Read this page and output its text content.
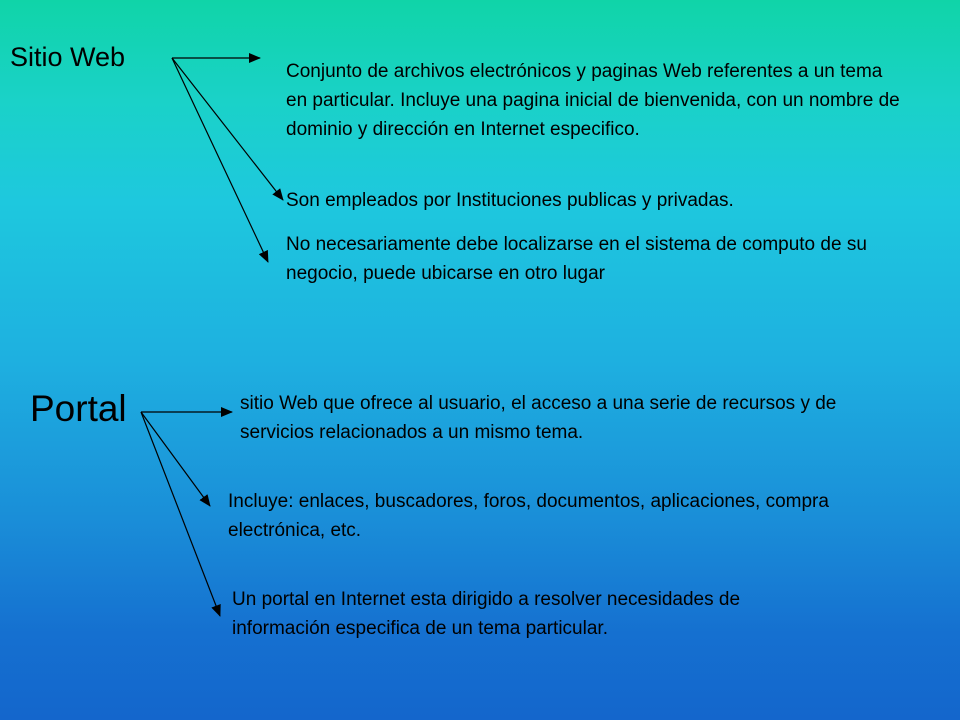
Sitio Web	Conjunto de archivos electrónicos y paginas Web referentes a un tema en particular. Incluye una pagina inicial de bienvenida, con un nombre de dominio y dirección en Internet especifico.

Son empleados por Instituciones publicas y privadas.

No necesariamente debe localizarse en el sistema de computo de su negocio, puede ubicarse en otro lugar

Portal	sitio Web que ofrece al usuario, el acceso a una serie de recursos y de servicios relacionados a un mismo tema.

Incluye: enlaces, buscadores, foros, documentos, aplicaciones, compra electrónica, etc.

Un portal en Internet esta dirigido a resolver necesidades de información especifica de un tema particular.
